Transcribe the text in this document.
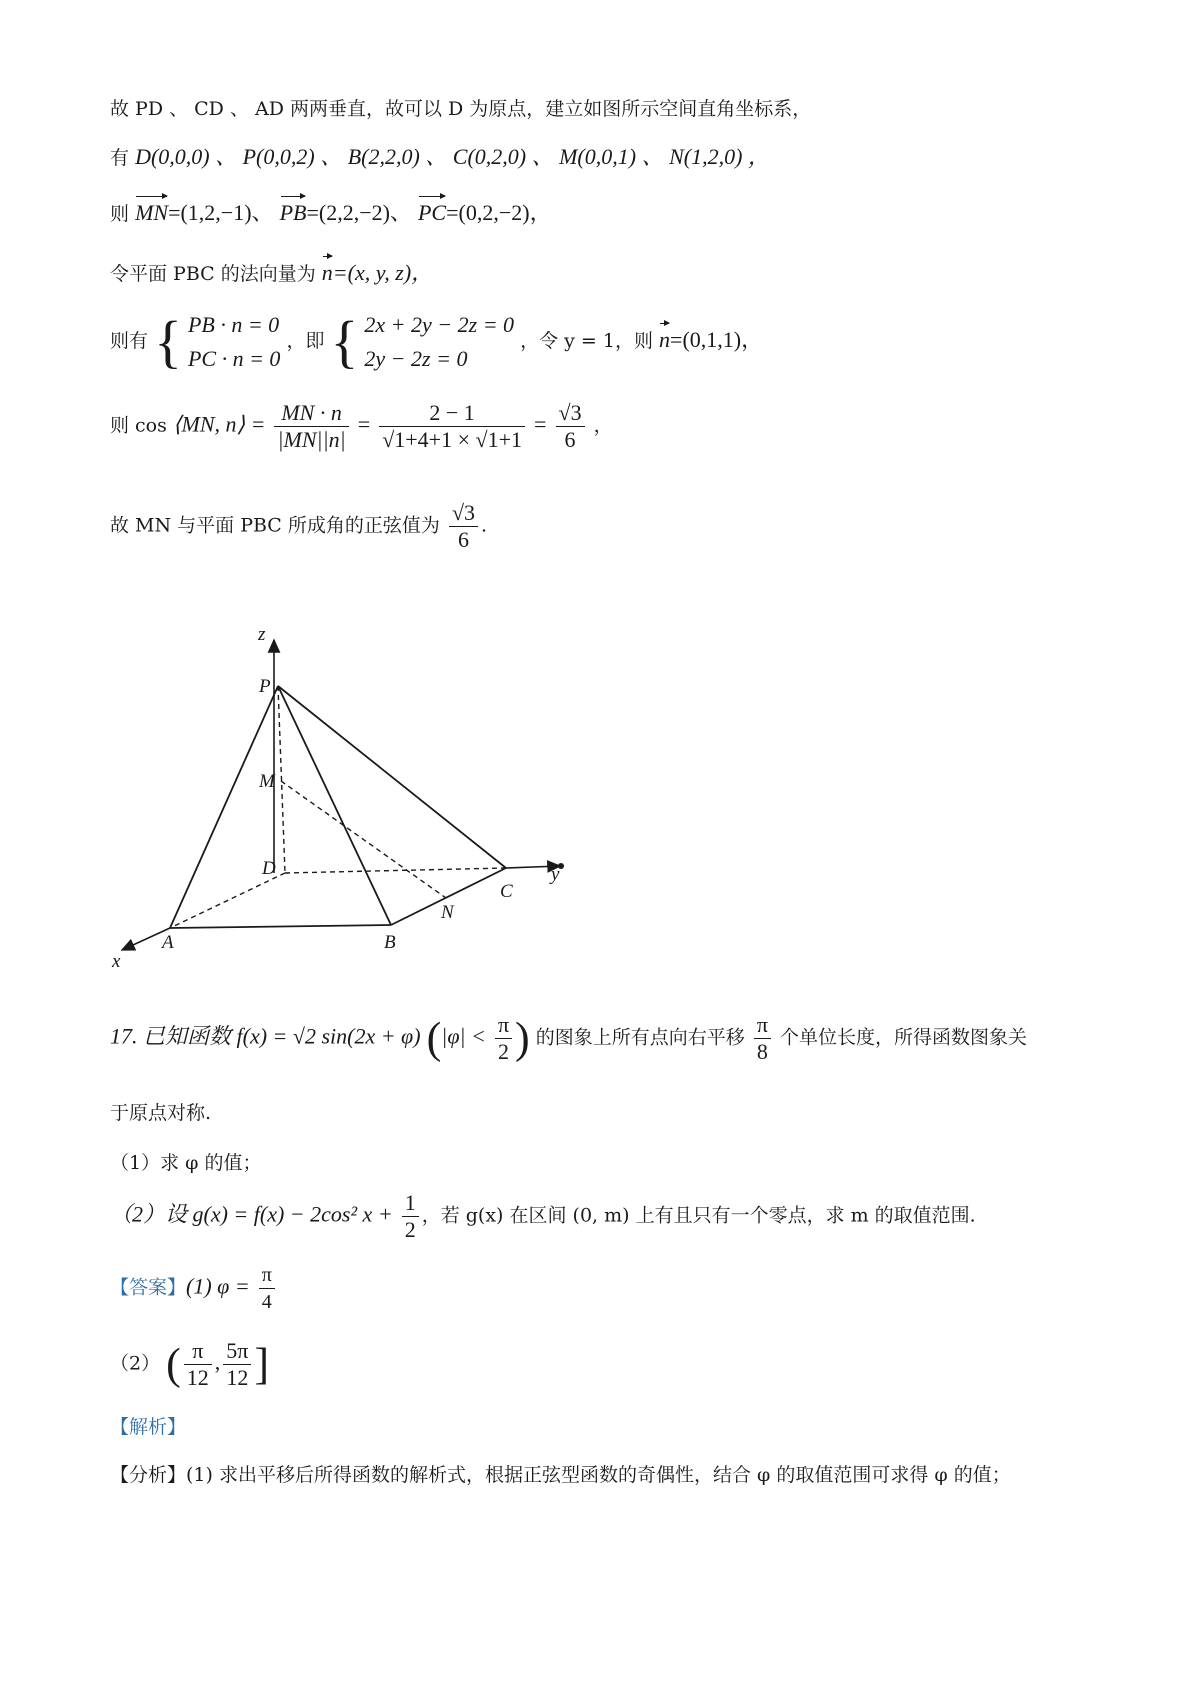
故 PD 、 CD 、 AD 两两垂直，故可以 D 为原点，建立如图所示空间直角坐标系，
有 D(0,0,0) 、 P(0,0,2) 、 B(2,2,0) 、 C(0,2,0) 、 M(0,0,1) 、 N(1,2,0) ，
则 MN=(1,2,−1)、 PB=(2,2,−2)、 PC=(0,2,−2)，
令平面 PBC 的法向量为 n=(x, y, z)，
则有 { PB · n = 0
PC · n = 0
，即 { 2x + 2y − 2z = 0
2y − 2z = 0
，令 y = 1，则 n=(0,1,1)，
则 cos ⟨MN, n⟩ = $\frac{MN \cdot n}{|MN||n|} = \frac{2 - 1}{√1+4+1 \times √1+1} = \frac{√3}{6}$ ，
故 MN 与平面 PBC 所成角的正弦值为 $\frac{√3}{6}$ .
z
y
x
P
M
D
A	B
C
N
17. 已知函数 f(x) = √2 sin(2x + φ) ($|\varphi| < \frac{\pi}{2}$ ) 的图象上所有点向右平移 $\frac{\pi}{8}$ 个单位长度，所得函数图象关
于原点对称.
（1）求 φ 的值；
（2）设 g(x) = f(x) − 2cos² $x + \frac{1}{2}$ ，若 g(x) 在区间 (0, m) 上有且只有一个零点，求 m 的取值范围.
【答案】(1) $\varphi = \frac{\pi}{4}$
（2） ( $\frac{\pi}{12}$ , $\frac{5\pi}{12}$ ]
【解析】
【分析】(1) 求出平移后所得函数的解析式，根据正弦型函数的奇偶性，结合 φ 的取值范围可求得 φ 的值；
